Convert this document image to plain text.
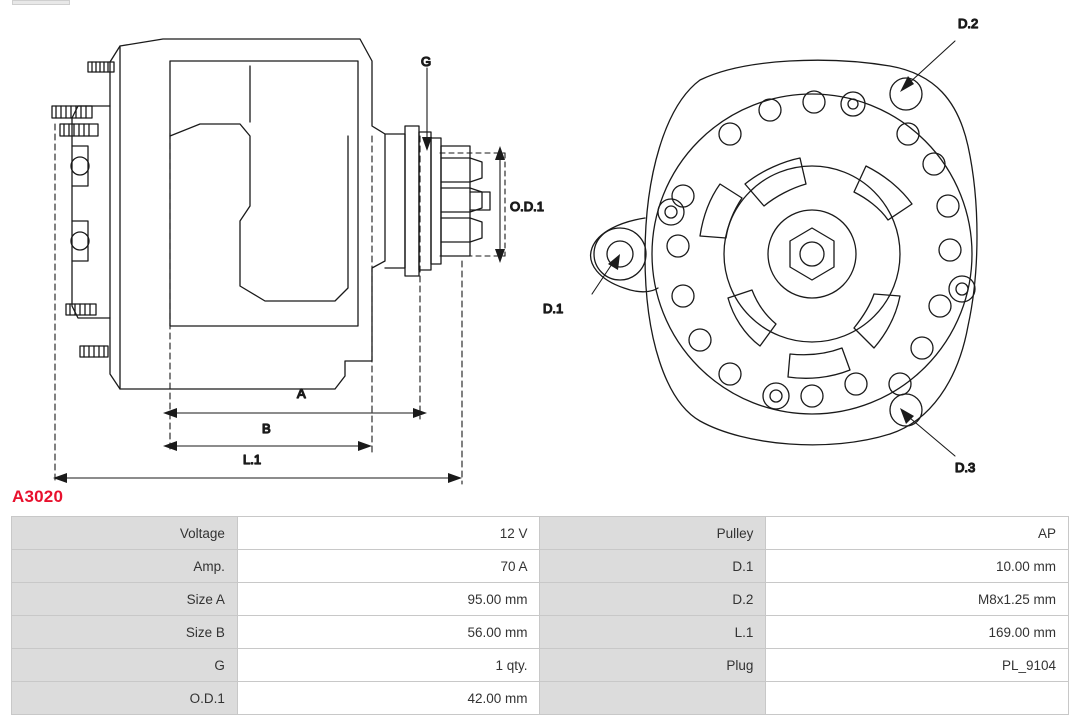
G
O.D.1
A
B
L.1
D.1
D.2
D.3
A3020
Voltage	12 V	Pulley	AP
Amp.	70 A	D.1	10.00 mm
Size A	95.00 mm	D.2	M8x1.25 mm
Size B	56.00 mm	L.1	169.00 mm
G	1 qty.	Plug	PL_9104
O.D.1	42.00 mm		
